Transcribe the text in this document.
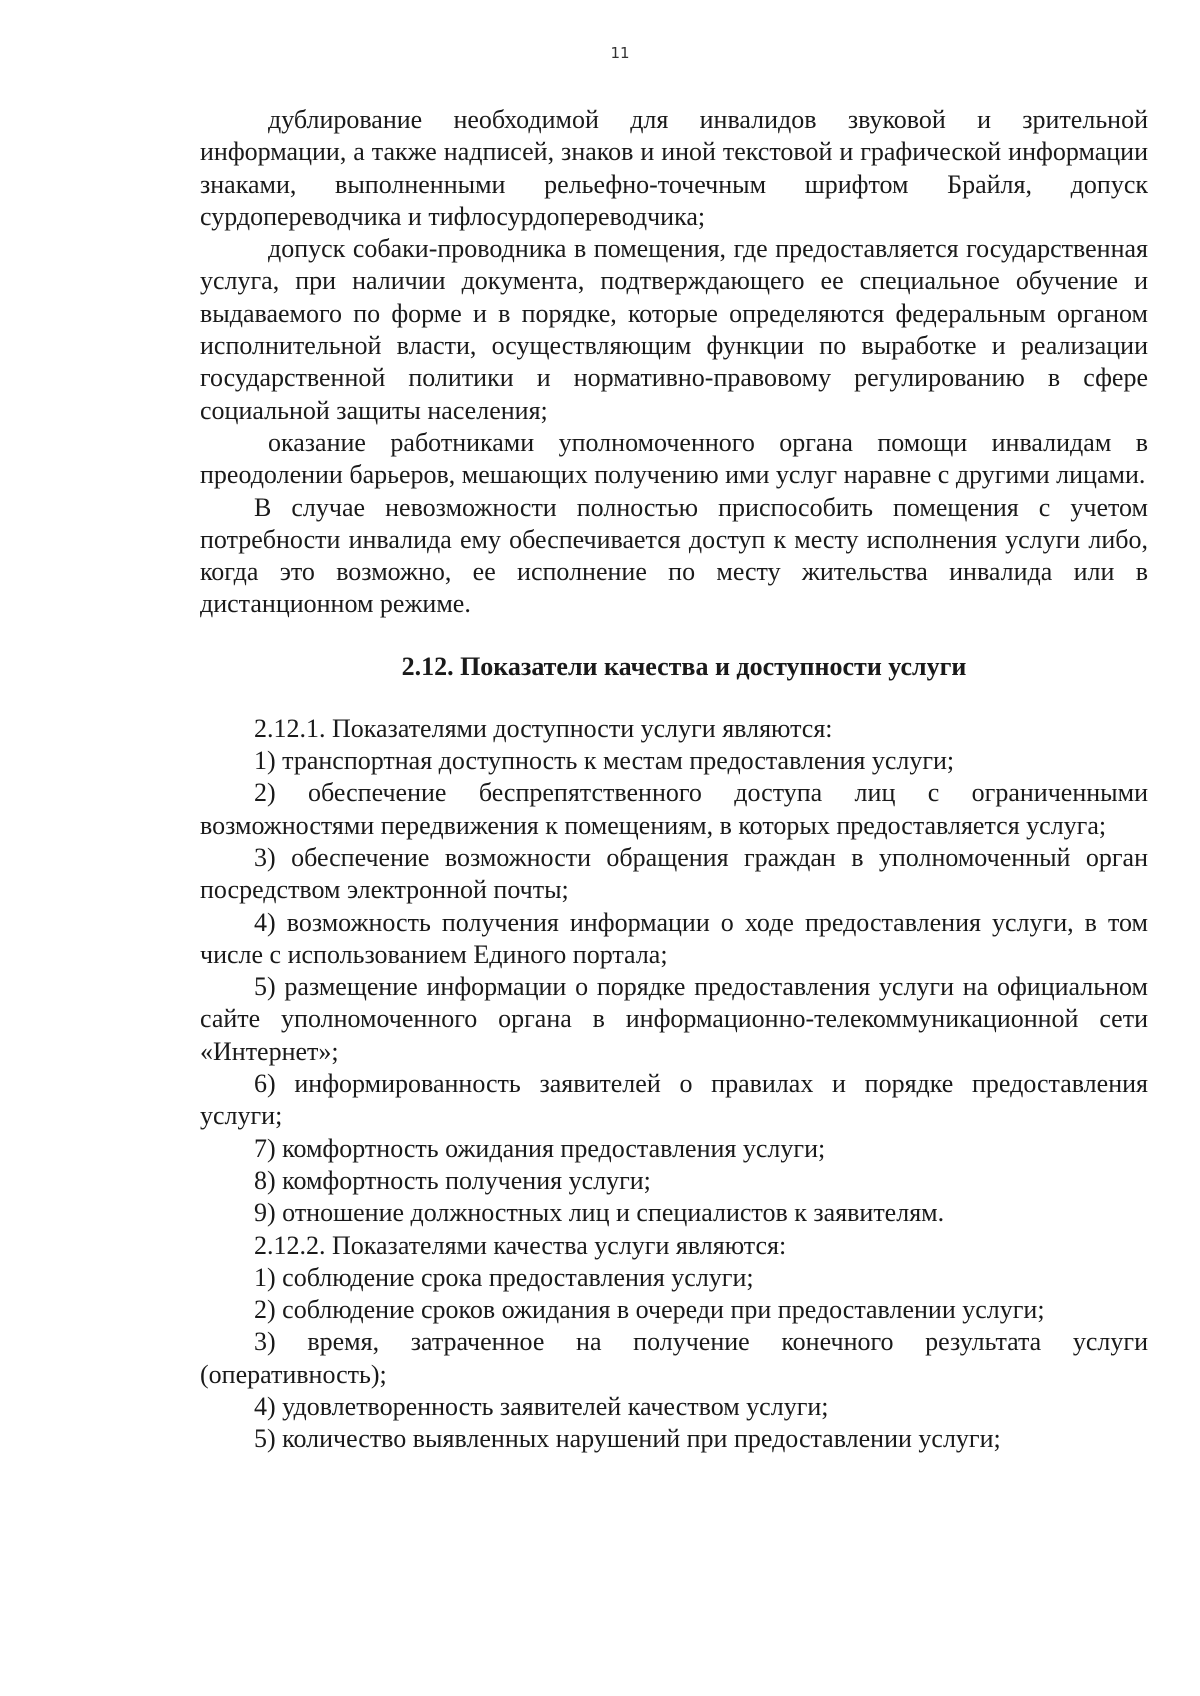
11

дублирование необходимой для инвалидов звуковой и зрительной информации, а также надписей, знаков и иной текстовой и графической информации знаками, выполненными рельефно-точечным шрифтом Брайля, допуск сурдопереводчика и тифлосурдопереводчика;

допуск собаки-проводника в помещения, где предоставляется государственная услуга, при наличии документа, подтверждающего ее специальное обучение и выдаваемого по форме и в порядке, которые определяются федеральным органом исполнительной власти, осуществляющим функции по выработке и реализации государственной политики и нормативно-правовому регулированию в сфере социальной защиты населения;

оказание работниками уполномоченного органа помощи инвалидам в преодолении барьеров, мешающих получению ими услуг наравне с другими лицами.

В случае невозможности полностью приспособить помещения с учетом потребности инвалида ему обеспечивается доступ к месту исполнения услуги либо, когда это возможно, ее исполнение по месту жительства инвалида или в дистанционном режиме.

2.12. Показатели качества и доступности услуги

2.12.1. Показателями доступности услуги являются:

1) транспортная доступность к местам предоставления услуги;

2) обеспечение беспрепятственного доступа лиц с ограниченными возможностями передвижения к помещениям, в которых предоставляется услуга;

3) обеспечение возможности обращения граждан в уполномоченный орган посредством электронной почты;

4) возможность получения информации о ходе предоставления услуги, в том числе с использованием Единого портала;

5) размещение информации о порядке предоставления услуги на официальном сайте уполномоченного органа в информационно-телекоммуникационной сети «Интернет»;

6) информированность заявителей о правилах и порядке предоставления услуги;

7) комфортность ожидания предоставления услуги;

8) комфортность получения услуги;

9) отношение должностных лиц и специалистов к заявителям.

2.12.2. Показателями качества услуги являются:

1) соблюдение срока предоставления услуги;

2) соблюдение сроков ожидания в очереди при предоставлении услуги;

3) время, затраченное на получение конечного результата услуги (оперативность);

4) удовлетворенность заявителей качеством услуги;

5) количество выявленных нарушений при предоставлении услуги;
